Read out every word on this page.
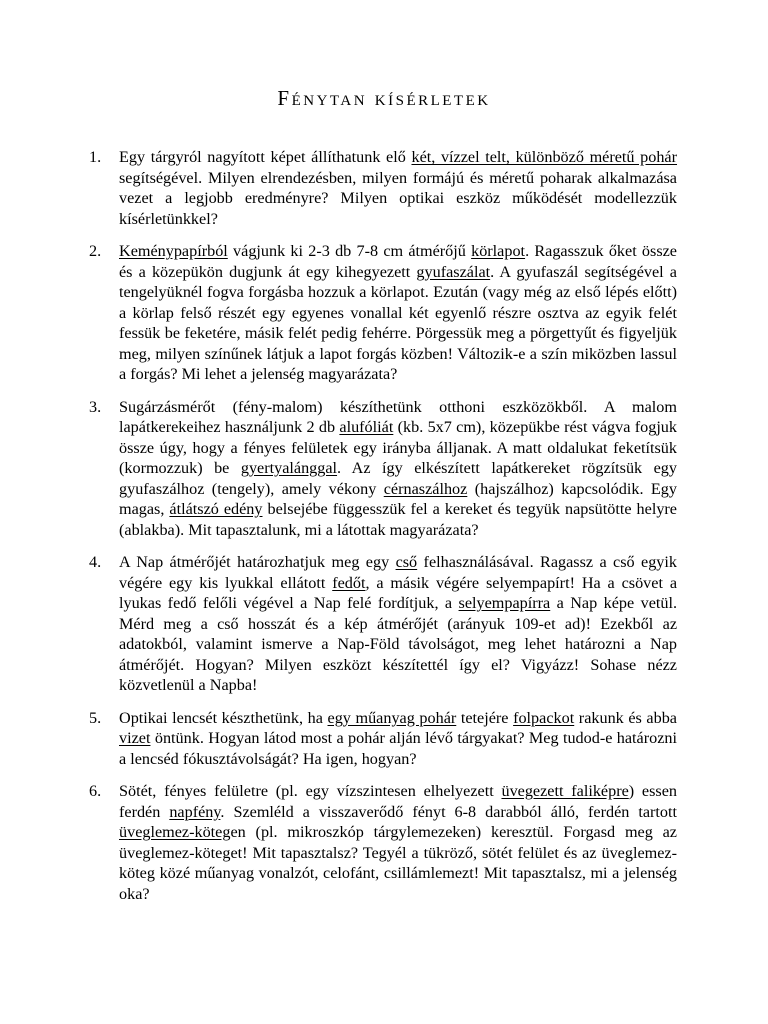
Fénytan kísérletek
1. Egy tárgyról nagyított képet állíthatunk elő két, vízzel telt, különböző méretű pohár segítségével. Milyen elrendezésben, milyen formájú és méretű poharak alkalmazása vezet a legjobb eredményre? Milyen optikai eszköz működését modellezzük kísérletünkkel?
2. Keménypapírból vágjunk ki 2-3 db 7-8 cm átmérőjű körlapot. Ragasszuk őket össze és a közepükön dugjunk át egy kihegyezett gyufaszálat. A gyufaszál segítségével a tengelyüknél fogva forgásba hozzuk a körlapot. Ezután (vagy még az első lépés előtt) a körlap felső részét egy egyenes vonallal két egyenlő részre osztva az egyik felét fessük be feketére, másik felét pedig fehérre. Pörgessük meg a pörgettyűt és figyeljük meg, milyen színűnek látjuk a lapot forgás közben! Változik-e a szín miközben lassul a forgás? Mi lehet a jelenség magyarázata?
3. Sugárzásmérőt (fény-malom) készíthetünk otthoni eszközökből. A malom lapátkerekeihez használjunk 2 db alufóliát (kb. 5x7 cm), közepükbe rést vágva fogjuk össze úgy, hogy a fényes felületek egy irányba álljanak. A matt oldalukat feketítsük (kormozzuk) be gyertyalánggal. Az így elkészített lapátkereket rögzítsük egy gyufaszálhoz (tengely), amely vékony cérnaszálhoz (hajszálhoz) kapcsolódik. Egy magas, átlátszó edény belsejébe függesszük fel a kereket és tegyük napsütötte helyre (ablakba). Mit tapasztalunk, mi a látottak magyarázata?
4. A Nap átmérőjét határozhatjuk meg egy cső felhasználásával. Ragassz a cső egyik végére egy kis lyukkal ellátott fedőt, a másik végére selyempapírt! Ha a csövet a lyukas fedő felőli végével a Nap felé fordítjuk, a selyempapírra a Nap képe vetül. Mérd meg a cső hosszát és a kép átmérőjét (arányuk 109-et ad)! Ezekből az adatokból, valamint ismerve a Nap-Föld távolságot, meg lehet határozni a Nap átmérőjét. Hogyan? Milyen eszközt készítettél így el? Vigyázz! Sohase nézz közvetlenül a Napba!
5. Optikai lencsét készthetünk, ha egy műanyag pohár tetejére folpackot rakunk és abba vizet öntünk. Hogyan látod most a pohár alján lévő tárgyakat? Meg tudod-e határozni a lencséd fókusztávolságát? Ha igen, hogyan?
6. Sötét, fényes felületre (pl. egy vízszintesen elhelyezett üvegezett faliképre) essen ferdén napfény. Szemléld a visszaverődő fényt 6-8 darabból álló, ferdén tartott üveglemez-kötegen (pl. mikroszkóp tárgylemezeken) keresztül. Forgasd meg az üveglemez-köteget! Mit tapasztalsz? Tegyél a tükröző, sötét felület és az üveglemez-köteg közé műanyag vonalzót, celofánt, csillámlemezt! Mit tapasztalsz, mi a jelenség oka?
